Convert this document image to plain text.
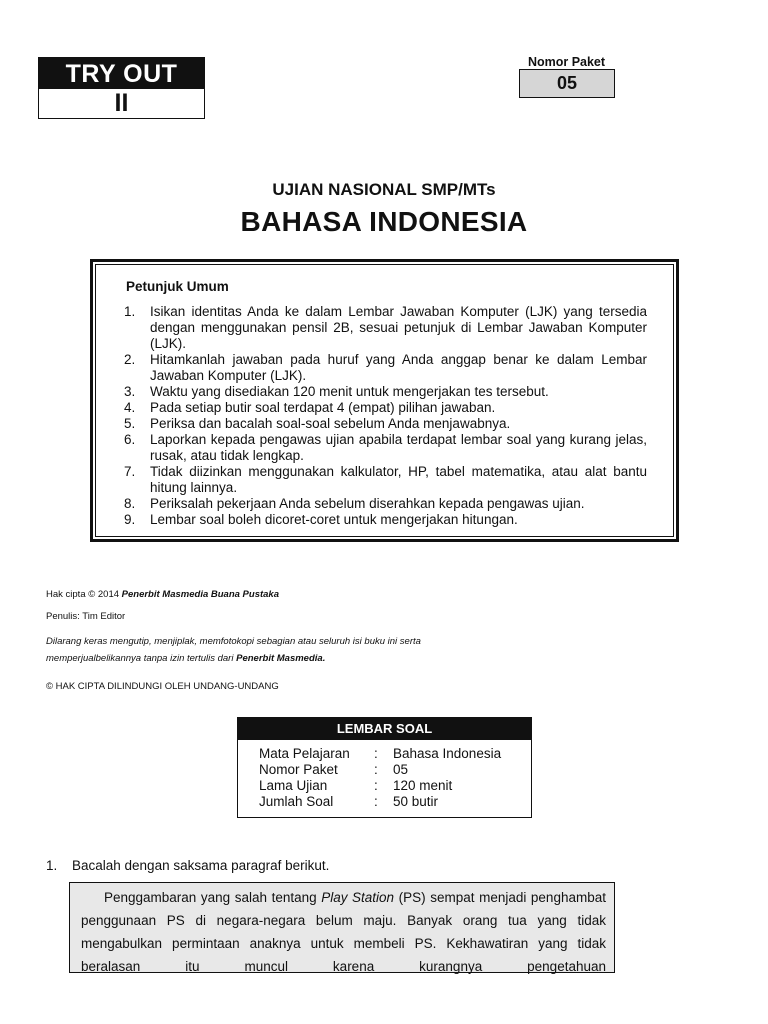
TRY OUT
II
Nomor Paket
05
UJIAN NASIONAL SMP/MTs
BAHASA INDONESIA
Petunjuk Umum
1.	Isikan identitas Anda ke dalam Lembar Jawaban Komputer (LJK) yang tersedia dengan menggunakan pensil 2B, sesuai petunjuk di Lembar Jawaban Komputer (LJK).
2.	Hitamkanlah jawaban pada huruf yang Anda anggap benar ke dalam Lembar Jawaban Komputer (LJK).
3.	Waktu yang disediakan 120 menit untuk mengerjakan tes tersebut.
4.	Pada setiap butir soal terdapat 4 (empat) pilihan jawaban.
5.	Periksa dan bacalah soal-soal sebelum Anda menjawabnya.
6.	Laporkan kepada pengawas ujian apabila terdapat lembar soal yang kurang jelas, rusak, atau tidak lengkap.
7.	Tidak diizinkan menggunakan kalkulator, HP, tabel matematika, atau alat bantu hitung lainnya.
8.	Periksalah pekerjaan Anda sebelum diserahkan kepada pengawas ujian.
9.	Lembar soal boleh dicoret-coret untuk mengerjakan hitungan.
Hak cipta © 2014 Penerbit Masmedia Buana Pustaka
Penulis: Tim Editor
Dilarang keras mengutip, menjiplak, memfotokopi sebagian atau seluruh isi buku ini serta
memperjualbelikannya tanpa izin tertulis dari Penerbit Masmedia.
© HAK CIPTA DILINDUNGI OLEH UNDANG-UNDANG
LEMBAR SOAL
Mata Pelajaran	:	Bahasa Indonesia
Nomor Paket	:	05
Lama Ujian	:	120 menit
Jumlah Soal	:	50 butir
1.	Bacalah dengan saksama paragraf berikut.
Penggambaran yang salah tentang Play Station (PS) sempat menjadi penghambat penggunaan PS di negara-negara belum maju. Banyak orang tua yang tidak mengabulkan permintaan anaknya untuk membeli PS. Kekhawatiran yang tidak beralasan itu muncul karena kurangnya pengetahuan
